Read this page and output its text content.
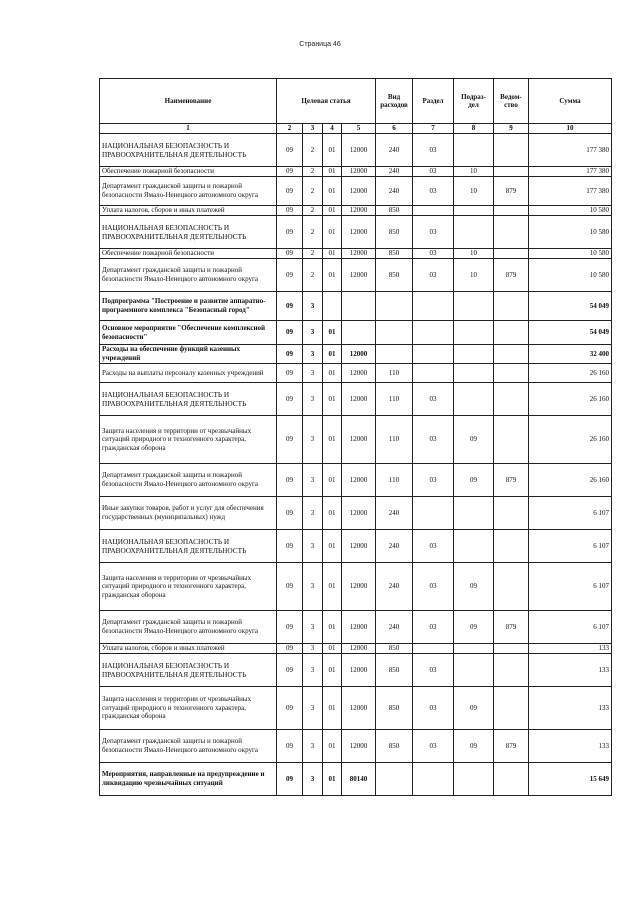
Страница 46
Наименование	Целевая статья				Вид расходов	Раздел	Подраз-дел	Ведом-ство	Сумма
1	2	3	4	5	6	7	8	9	10
НАЦИОНАЛЬНАЯ БЕЗОПАСНОСТЬ И ПРАВООХРАНИТЕЛЬНАЯ ДЕЯТЕЛЬНОСТЬ	09	2	01	12000	240	03			177 380
Обеспечение пожарной безопасности	09	2	01	12000	240	03	10		177 380
Департамент гражданской защиты и пожарной безопасности Ямало-Ненецкого автономного округа	09	2	01	12000	240	03	10	879	177 380
Уплата налогов, сборов и иных платежей	09	2	01	12000	850				10 580
НАЦИОНАЛЬНАЯ БЕЗОПАСНОСТЬ И ПРАВООХРАНИТЕЛЬНАЯ ДЕЯТЕЛЬНОСТЬ	09	2	01	12000	850	03			10 580
Обеспечение пожарной безопасности	09	2	01	12000	850	03	10		10 580
Департамент гражданской защиты и пожарной безопасности Ямало-Ненецкого автономного округа	09	2	01	12000	850	03	10	879	10 580
Подпрограмма "Построение и развитие аппаратно-программного комплекса "Безопасный город"	09	3							54 049
Основное мероприятие "Обеспечение комплексной безопасности"	09	3	01						54 049
Расходы на обеспечение функций казенных учреждений	09	3	01	12000					32 400
Расходы на выплаты персоналу казенных учреждений	09	3	01	12000	110				26 160
НАЦИОНАЛЬНАЯ БЕЗОПАСНОСТЬ И ПРАВООХРАНИТЕЛЬНАЯ ДЕЯТЕЛЬНОСТЬ	09	3	01	12000	110	03			26 160
Защита населения и территории от чрезвычайных ситуаций природного и техногенного характера, гражданская оборона	09	3	01	12000	110	03	09		26 160
Департамент гражданской защиты и пожарной безопасности Ямало-Ненецкого автономного округа	09	3	01	12000	110	03	09	879	26 160
Иные закупки товаров, работ и услуг для обеспечения государственных (муниципальных) нужд	09	3	01	12000	240				6 107
НАЦИОНАЛЬНАЯ БЕЗОПАСНОСТЬ И ПРАВООХРАНИТЕЛЬНАЯ ДЕЯТЕЛЬНОСТЬ	09	3	01	12000	240	03			6 107
Защита населения и территории от чрезвычайных ситуаций природного и техногенного характера, гражданская оборона	09	3	01	12000	240	03	09		6 107
Департамент гражданской защиты и пожарной безопасности Ямало-Ненецкого автономного округа	09	3	01	12000	240	03	09	879	6 107
Уплата налогов, сборов и иных платежей	09	3	01	12000	850				133
НАЦИОНАЛЬНАЯ БЕЗОПАСНОСТЬ И ПРАВООХРАНИТЕЛЬНАЯ ДЕЯТЕЛЬНОСТЬ	09	3	01	12000	850	03			133
Защита населения и территории от чрезвычайных ситуаций природного и техногенного характера, гражданская оборона	09	3	01	12000	850	03	09		133
Департамент гражданской защиты и пожарной безопасности Ямало-Ненецкого автономного округа	09	3	01	12000	850	03	09	879	133
Мероприятия, направленные на предупреждение и ликвидацию чрезвычайных ситуаций	09	3	01	80140					15 649
